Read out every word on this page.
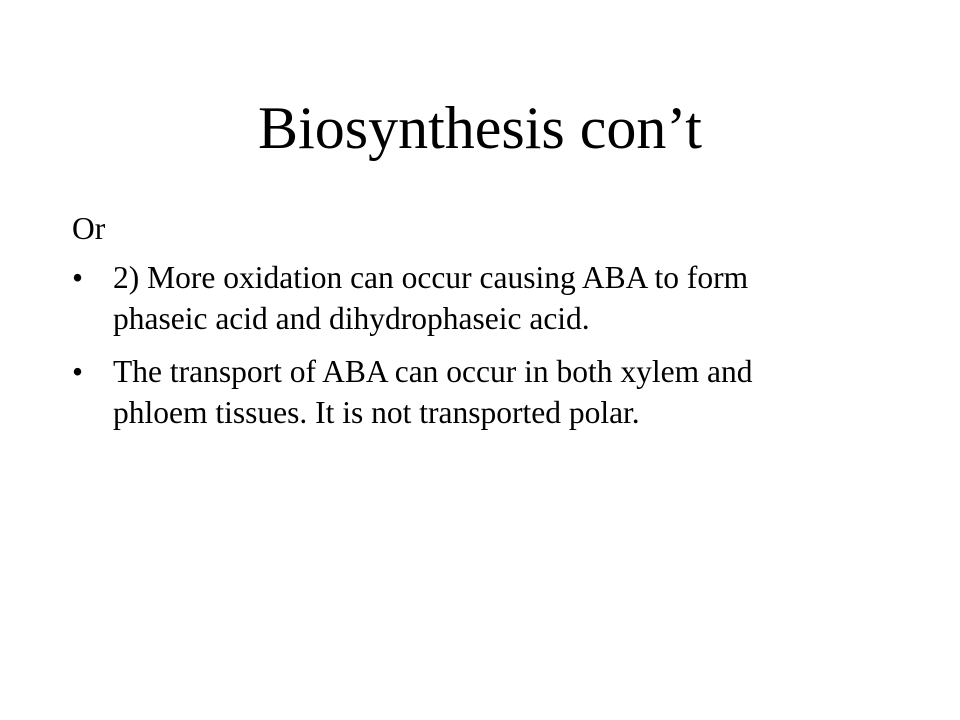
Biosynthesis con’t

Or

• 2) More oxidation can occur causing ABA to form phaseic acid and dihydrophaseic acid.
• The transport of ABA can occur in both xylem and phloem tissues. It is not transported polar.
